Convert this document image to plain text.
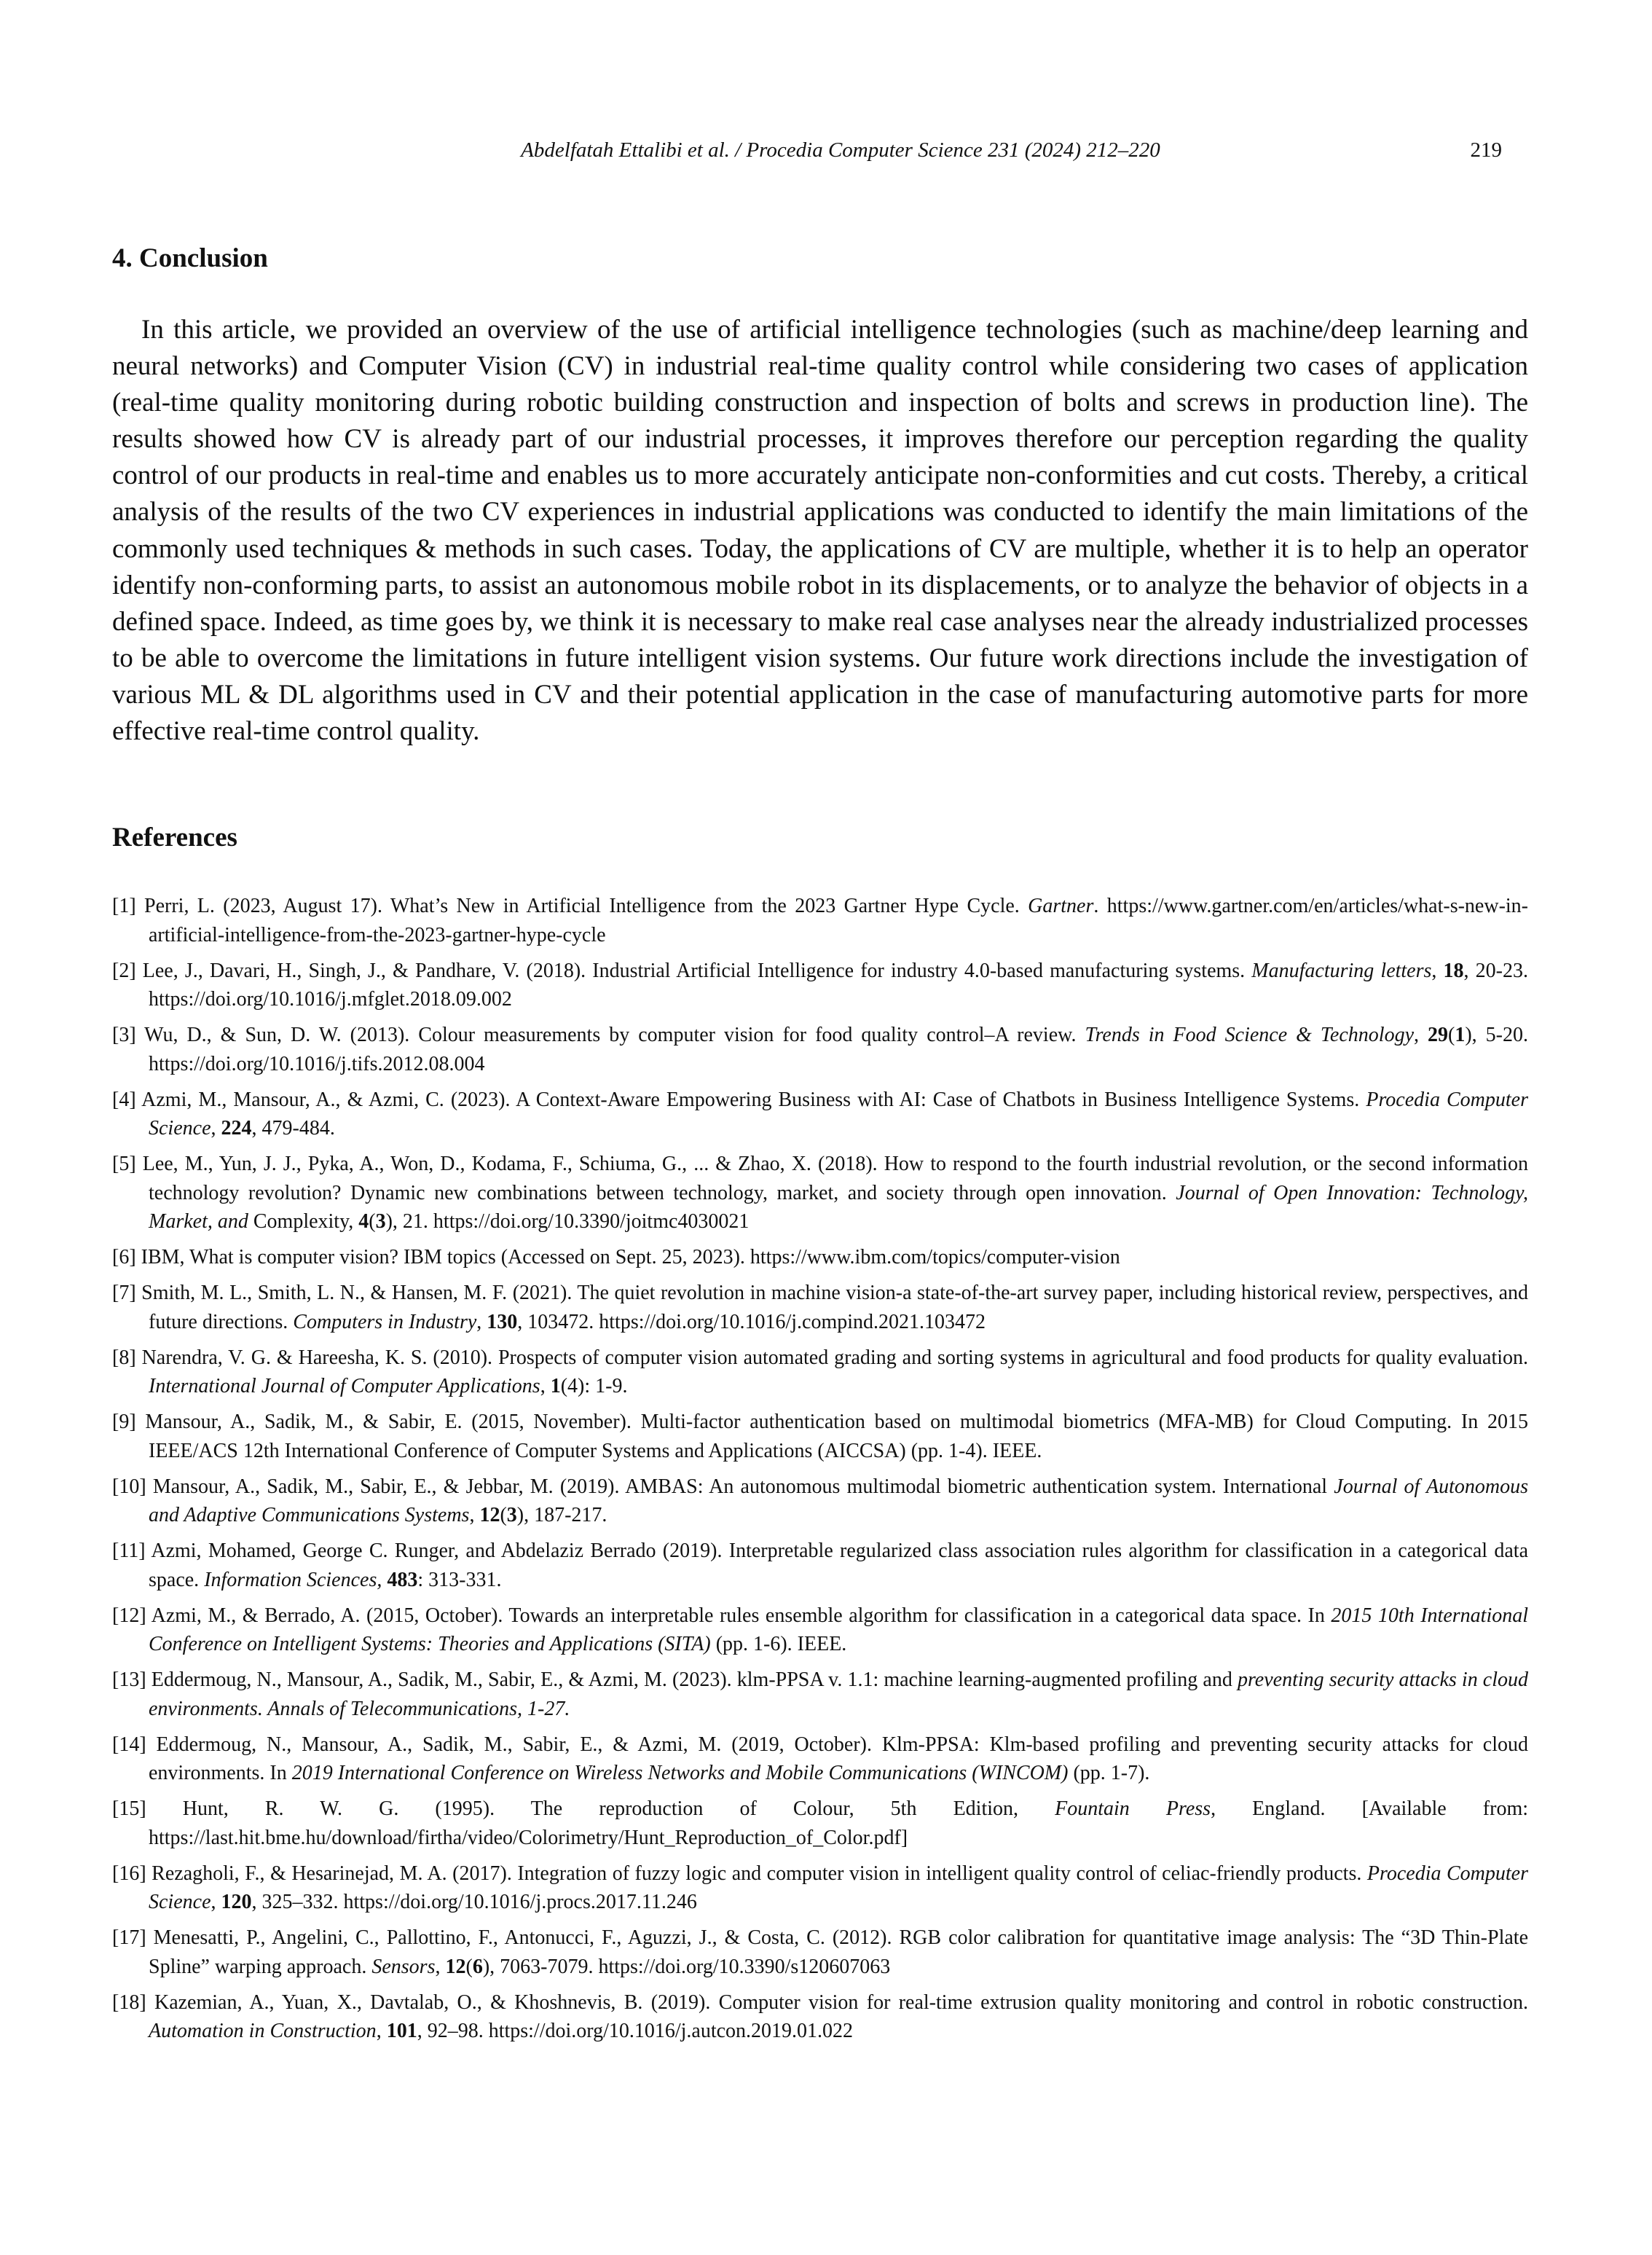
Abdelfatah Ettalibi et al. / Procedia Computer Science 231 (2024) 212–220	219
4. Conclusion

In this article, we provided an overview of the use of artificial intelligence technologies (such as machine/deep learning and neural networks) and Computer Vision (CV) in industrial real-time quality control while considering two cases of application (real-time quality monitoring during robotic building construction and inspection of bolts and screws in production line). The results showed how CV is already part of our industrial processes, it improves therefore our perception regarding the quality control of our products in real-time and enables us to more accurately anticipate non-conformities and cut costs. Thereby, a critical analysis of the results of the two CV experiences in industrial applications was conducted to identify the main limitations of the commonly used techniques & methods in such cases. Today, the applications of CV are multiple, whether it is to help an operator identify non-conforming parts, to assist an autonomous mobile robot in its displacements, or to analyze the behavior of objects in a defined space. Indeed, as time goes by, we think it is necessary to make real case analyses near the already industrialized processes to be able to overcome the limitations in future intelligent vision systems. Our future work directions include the investigation of various ML & DL algorithms used in CV and their potential application in the case of manufacturing automotive parts for more effective real-time control quality.

References
[1] Perri, L. (2023, August 17). What’s New in Artificial Intelligence from the 2023 Gartner Hype Cycle. Gartner. https://www.gartner.com/en/articles/what-s-new-in-artificial-intelligence-from-the-2023-gartner-hype-cycle
[2] Lee, J., Davari, H., Singh, J., & Pandhare, V. (2018). Industrial Artificial Intelligence for industry 4.0-based manufacturing systems. Manufacturing letters, 18, 20-23. https://doi.org/10.1016/j.mfglet.2018.09.002
[3] Wu, D., & Sun, D. W. (2013). Colour measurements by computer vision for food quality control–A review. Trends in Food Science & Technology, 29(1), 5-20. https://doi.org/10.1016/j.tifs.2012.08.004
[4] Azmi, M., Mansour, A., & Azmi, C. (2023). A Context-Aware Empowering Business with AI: Case of Chatbots in Business Intelligence Systems. Procedia Computer Science, 224, 479-484.
[5] Lee, M., Yun, J. J., Pyka, A., Won, D., Kodama, F., Schiuma, G., ... & Zhao, X. (2018). How to respond to the fourth industrial revolution, or the second information technology revolution? Dynamic new combinations between technology, market, and society through open innovation. Journal of Open Innovation: Technology, Market, and Complexity, 4(3), 21. https://doi.org/10.3390/joitmc4030021
[6] IBM, What is computer vision? IBM topics (Accessed on Sept. 25, 2023). https://www.ibm.com/topics/computer-vision
[7] Smith, M. L., Smith, L. N., & Hansen, M. F. (2021). The quiet revolution in machine vision-a state-of-the-art survey paper, including historical review, perspectives, and future directions. Computers in Industry, 130, 103472. https://doi.org/10.1016/j.compind.2021.103472
[8] Narendra, V. G. & Hareesha, K. S. (2010). Prospects of computer vision automated grading and sorting systems in agricultural and food products for quality evaluation. International Journal of Computer Applications, 1(4): 1-9.
[9] Mansour, A., Sadik, M., & Sabir, E. (2015, November). Multi-factor authentication based on multimodal biometrics (MFA-MB) for Cloud Computing. In 2015 IEEE/ACS 12th International Conference of Computer Systems and Applications (AICCSA) (pp. 1-4). IEEE.
[10] Mansour, A., Sadik, M., Sabir, E., & Jebbar, M. (2019). AMBAS: An autonomous multimodal biometric authentication system. International Journal of Autonomous and Adaptive Communications Systems, 12(3), 187-217.
[11] Azmi, Mohamed, George C. Runger, and Abdelaziz Berrado (2019). Interpretable regularized class association rules algorithm for classification in a categorical data space. Information Sciences, 483: 313-331.
[12] Azmi, M., & Berrado, A. (2015, October). Towards an interpretable rules ensemble algorithm for classification in a categorical data space. In 2015 10th International Conference on Intelligent Systems: Theories and Applications (SITA) (pp. 1-6). IEEE.
[13] Eddermoug, N., Mansour, A., Sadik, M., Sabir, E., & Azmi, M. (2023). klm-PPSA v. 1.1: machine learning-augmented profiling and preventing security attacks in cloud environments. Annals of Telecommunications, 1-27.
[14] Eddermoug, N., Mansour, A., Sadik, M., Sabir, E., & Azmi, M. (2019, October). Klm-PPSA: Klm-based profiling and preventing security attacks for cloud environments. In 2019 International Conference on Wireless Networks and Mobile Communications (WINCOM) (pp. 1-7).
[15] Hunt, R. W. G. (1995). The reproduction of Colour, 5th Edition, Fountain Press, England. [Available from: https://last.hit.bme.hu/download/firtha/video/Colorimetry/Hunt_Reproduction_of_Color.pdf]
[16] Rezagholi, F., & Hesarinejad, M. A. (2017). Integration of fuzzy logic and computer vision in intelligent quality control of celiac-friendly products. Procedia Computer Science, 120, 325–332. https://doi.org/10.1016/j.procs.2017.11.246
[17] Menesatti, P., Angelini, C., Pallottino, F., Antonucci, F., Aguzzi, J., & Costa, C. (2012). RGB color calibration for quantitative image analysis: The “3D Thin-Plate Spline” warping approach. Sensors, 12(6), 7063-7079. https://doi.org/10.3390/s120607063
[18] Kazemian, A., Yuan, X., Davtalab, O., & Khoshnevis, B. (2019). Computer vision for real-time extrusion quality monitoring and control in robotic construction. Automation in Construction, 101, 92–98. https://doi.org/10.1016/j.autcon.2019.01.022
